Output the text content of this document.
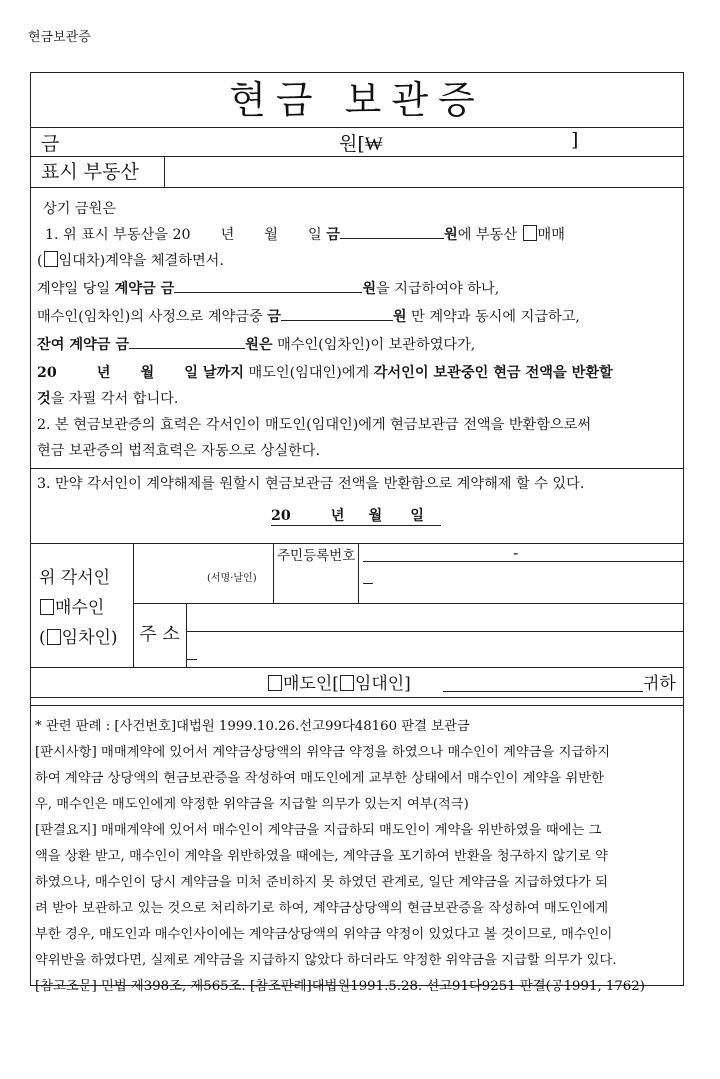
현금보관증
현금 보관증
금	원[₩	]
표시 부동산
상기 금원은
1. 위 표시 부동산을 20 년 월 일 금	원에 부동산 매매
( 임대차)계약을 체결하면서.
계약일 당일 계약금 금	원을 지급하여야 하나,
매수인(임차인)의 사정으로 계약금중 금	원 만 계약과 동시에 지급하고,
잔여 계약금 금	원은 매수인(임차인)이 보관하였다가,
20	년 월 일 날까지 매도인(임대인)에게 각서인이 보관중인 현금 전액을 반환할
것을 자필 각서 합니다.
2. 본 현금보관증의 효력은 각서인이 매도인(임대인)에게 현금보관금 전액을 반환함으로써
현금 보관증의 법적효력은 자동으로 상실한다.
3. 만약 각서인이 계약해제를 원할시 현금보관금 전액을 반환함으로 계약해제 할 수 있다.
20	년 월 일
위 각서인
매수인
( 임차인)
(서명·날인)
주민등록번호	-
주 소
매도인[ 임대인]	귀하
* 관련 판례 : [사건번호]대법원 1999.10.26.선고99다48160 판결 보관금
[판시사항] 매매계약에 있어서 계약금상당액의 위약금 약정을 하였으나 매수인이 계약금을 지급하지
하여 계약금 상당액의 현금보관증을 작성하여 매도인에게 교부한 상태에서 매수인이 계약을 위반한
우, 매수인은 매도인에게 약정한 위약금을 지급할 의무가 있는지 여부(적극)
[판결요지] 매매계약에 있어서 매수인이 계약금을 지급하되 매도인이 계약을 위반하였을 때에는 그
액을 상환 받고, 매수인이 계약을 위반하였을 때에는, 계약금을 포기하여 반환을 청구하지 않기로 약
하였으나, 매수인이 당시 계약금을 미처 준비하지 못 하였던 관계로, 일단 계약금을 지급하였다가 되
려 받아 보관하고 있는 것으로 처리하기로 하여, 계약금상당액의 현금보관증을 작성하여 매도인에게
부한 경우, 매도인과 매수인사이에는 계약금상당액의 위약금 약정이 있었다고 볼 것이므로, 매수인이
약위반을 하였다면, 실제로 계약금을 지급하지 않았다 하더라도 약정한 위약금을 지급할 의무가 있다.
[참고조문] 민법 제398조, 제565조. [참조판례]대법원1991.5.28. 선고91다9251 판결(공1991, 1762)
